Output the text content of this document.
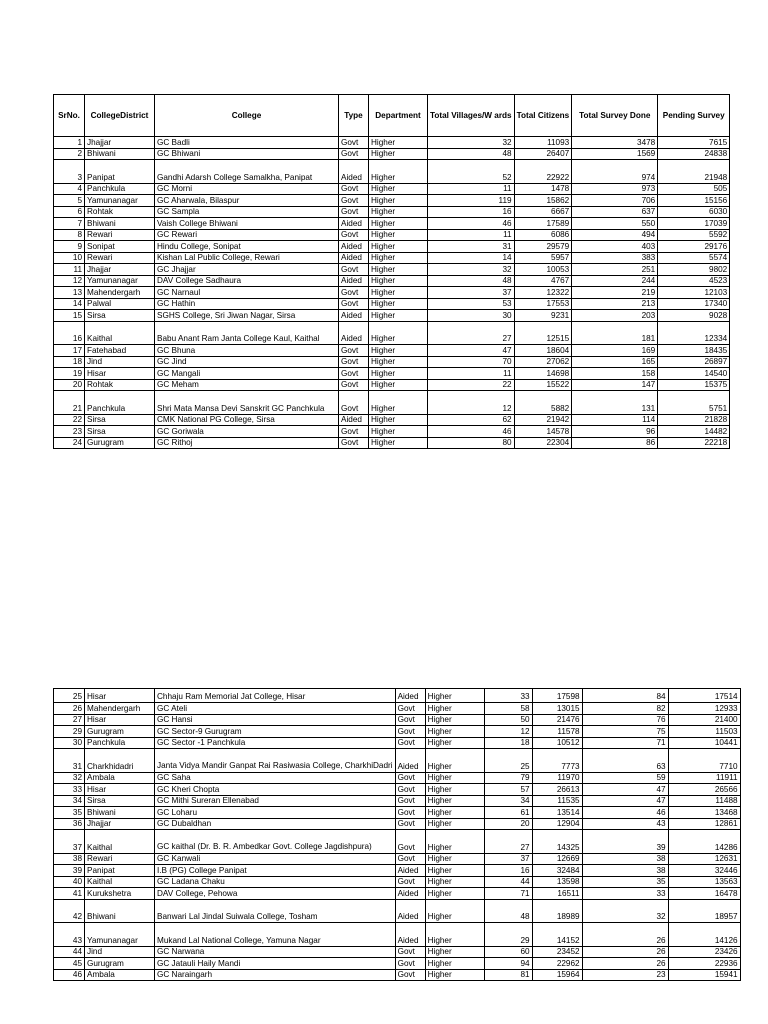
SrNo.	CollegeDistrict	College	Type	Department	Total Villages/W ards	Total Citizens	Total Survey Done	Pending Survey
1	Jhajjar	GC Badli	Govt	Higher	32	11093	3478	7615
2	Bhiwani	GC Bhiwani	Govt	Higher	48	26407	1569	24838
3	Panipat	Gandhi Adarsh College Samalkha, Panipat	Aided	Higher	52	22922	974	21948
4	Panchkula	GC Morni	Govt	Higher	11	1478	973	505
5	Yamunanagar	GC Aharwala, Bilaspur	Govt	Higher	119	15862	706	15156
6	Rohtak	GC Sampla	Govt	Higher	16	6667	637	6030
7	Bhiwani	Vaish College Bhiwani	Aided	Higher	46	17589	550	17039
8	Rewari	GC Rewari	Govt	Higher	11	6086	494	5592
9	Sonipat	Hindu College, Sonipat	Aided	Higher	31	29579	403	29176
10	Rewari	Kishan Lal Public College, Rewari	Aided	Higher	14	5957	383	5574
11	Jhajjar	GC Jhajjar	Govt	Higher	32	10053	251	9802
12	Yamunanagar	DAV College Sadhaura	Aided	Higher	48	4767	244	4523
13	Mahendergarh	GC Narnaul	Govt	Higher	37	12322	219	12103
14	Palwal	GC Hathin	Govt	Higher	53	17553	213	17340
15	Sirsa	SGHS College, Sri Jiwan Nagar, Sirsa	Aided	Higher	30	9231	203	9028
16	Kaithal	Babu Anant Ram Janta College Kaul, Kaithal	Aided	Higher	27	12515	181	12334
17	Fatehabad	GC Bhuna	Govt	Higher	47	18604	169	18435
18	Jind	GC Jind	Govt	Higher	70	27062	165	26897
19	Hisar	GC Mangali	Govt	Higher	11	14698	158	14540
20	Rohtak	GC Meham	Govt	Higher	22	15522	147	15375
21	Panchkula	Shri Mata Mansa Devi Sanskrit GC Panchkula	Govt	Higher	12	5882	131	5751
22	Sirsa	CMK National PG College, Sirsa	Aided	Higher	62	21942	114	21828
23	Sirsa	GC Goriwala	Govt	Higher	46	14578	96	14482
24	Gurugram	GC Rithoj	Govt	Higher	80	22304	86	22218
25	Hisar	Chhaju Ram Memorial Jat College, Hisar	Aided	Higher	33	17598	84	17514
26	Mahendergarh	GC Ateli	Govt	Higher	58	13015	82	12933
27	Hisar	GC Hansi	Govt	Higher	50	21476	76	21400
29	Gurugram	GC Sector-9 Gurugram	Govt	Higher	12	11578	75	11503
30	Panchkula	GC Sector -1 Panchkula	Govt	Higher	18	10512	71	10441
31	Charkhidadri	Janta Vidya Mandir Ganpat Rai Rasiwasia College, CharkhiDadri	Aided	Higher	25	7773	63	7710
32	Ambala	GC Saha	Govt	Higher	79	11970	59	11911
33	Hisar	GC Kheri Chopta	Govt	Higher	57	26613	47	26566
34	Sirsa	GC Mithi Sureran Ellenabad	Govt	Higher	34	11535	47	11488
35	Bhiwani	GC Loharu	Govt	Higher	61	13514	46	13468
36	Jhajjar	GC Dubaldhan	Govt	Higher	20	12904	43	12861
37	Kaithal	GC kaithal (Dr. B. R. Ambedkar Govt. College Jagdishpura)	Govt	Higher	27	14325	39	14286
38	Rewari	GC Kanwali	Govt	Higher	37	12669	38	12631
39	Panipat	I.B (PG) College Panipat	Aided	Higher	16	32484	38	32446
40	Kaithal	GC Ladana Chaku	Govt	Higher	44	13598	35	13563
41	Kurukshetra	DAV College, Pehowa	Aided	Higher	71	16511	33	16478
42	Bhiwani	Banwari Lal Jindal Suiwala College, Tosham	Aided	Higher	48	18989	32	18957
43	Yamunanagar	Mukand Lal National College, Yamuna Nagar	Aided	Higher	29	14152	26	14126
44	Jind	GC Narwana	Govt	Higher	60	23452	26	23426
45	Gurugram	GC Jatauli Haily Mandi	Govt	Higher	94	22962	26	22936
46	Ambala	GC Naraingarh	Govt	Higher	81	15964	23	15941
